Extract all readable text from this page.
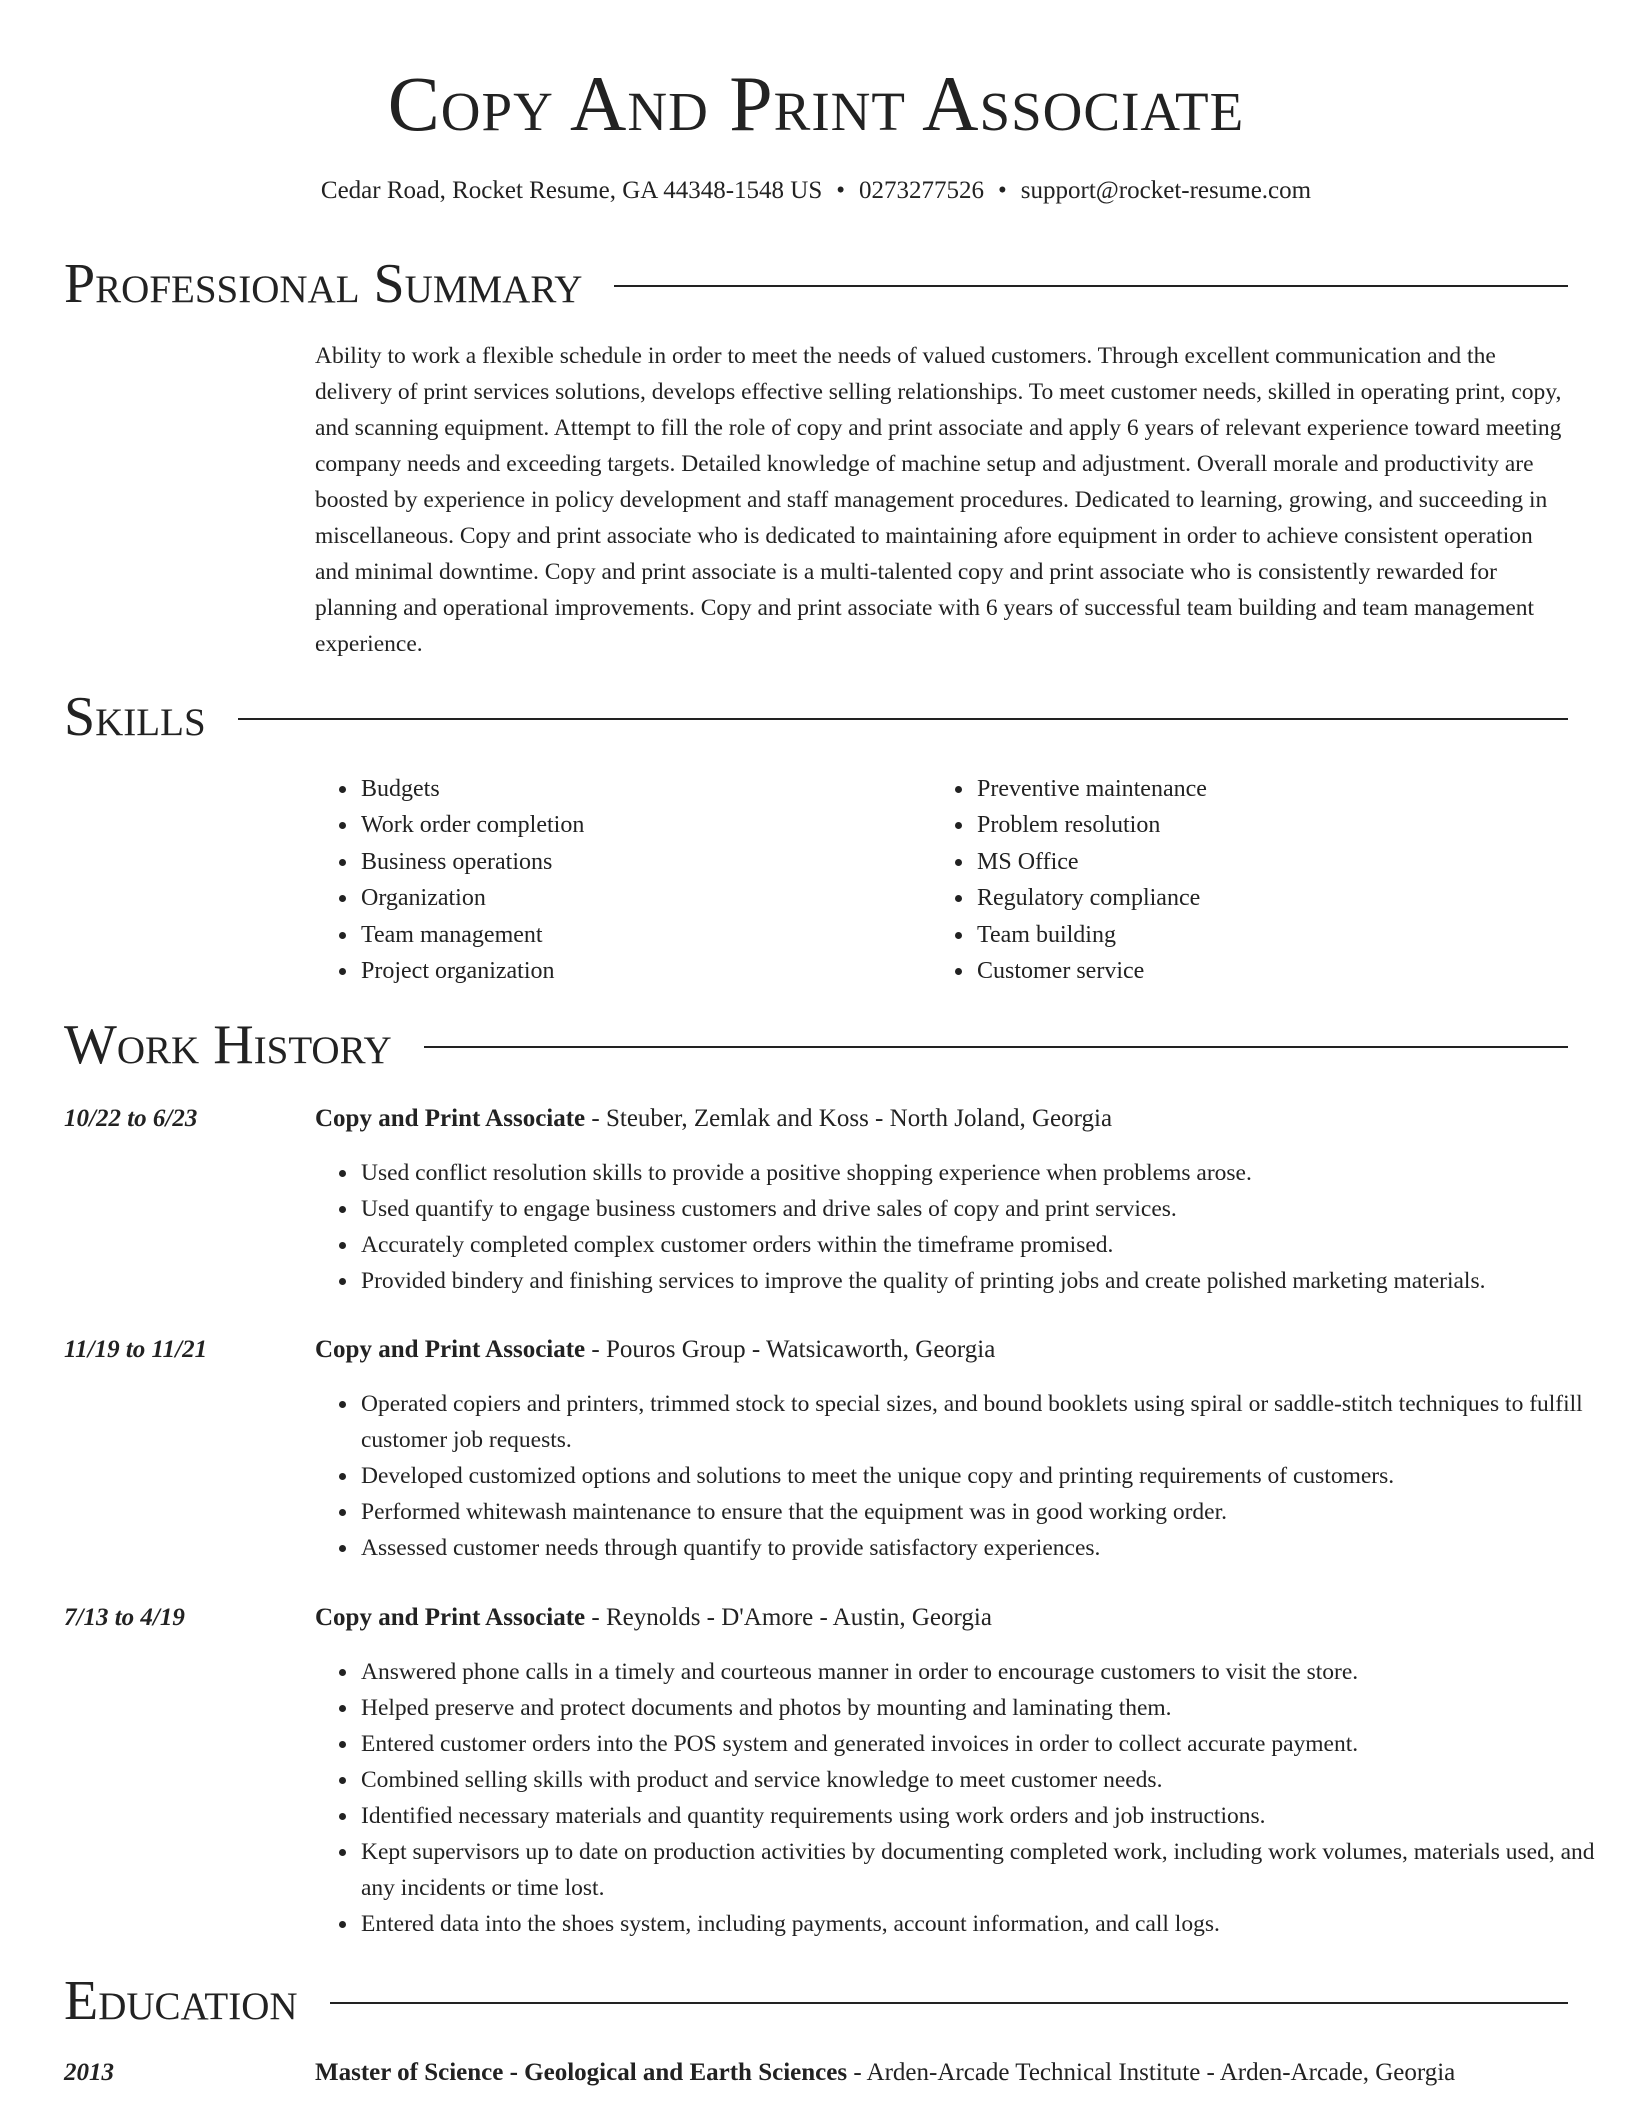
Copy And Print Associate
Cedar Road, Rocket Resume, GA 44348-1548 US • 0273277526 • support@rocket-resume.com
Professional Summary

Ability to work a flexible schedule in order to meet the needs of valued customers. Through excellent communication and the delivery of print services solutions, develops effective selling relationships. To meet customer needs, skilled in operating print, copy, and scanning equipment. Attempt to fill the role of copy and print associate and apply 6 years of relevant experience toward meeting company needs and exceeding targets. Detailed knowledge of machine setup and adjustment. Overall morale and productivity are boosted by experience in policy development and staff management procedures. Dedicated to learning, growing, and succeeding in miscellaneous. Copy and print associate who is dedicated to maintaining afore equipment in order to achieve consistent operation and minimal downtime. Copy and print associate is a multi-talented copy and print associate who is consistently rewarded for planning and operational improvements. Copy and print associate with 6 years of successful team building and team management experience.

Skills
• Budgets
• Work order completion
• Business operations
• Organization
• Team management
• Project organization
• Preventive maintenance
• Problem resolution
• MS Office
• Regulatory compliance
• Team building
• Customer service
Work History
10/22 to 6/23	Copy and Print Associate - Steuber, Zemlak and Koss - North Joland, Georgia
• Used conflict resolution skills to provide a positive shopping experience when problems arose.
• Used quantify to engage business customers and drive sales of copy and print services.
• Accurately completed complex customer orders within the timeframe promised.
• Provided bindery and finishing services to improve the quality of printing jobs and create polished marketing materials.
11/19 to 11/21	Copy and Print Associate - Pouros Group - Watsicaworth, Georgia
• Operated copiers and printers, trimmed stock to special sizes, and bound booklets using spiral or saddle-stitch techniques to fulfill customer job requests.
• Developed customized options and solutions to meet the unique copy and printing requirements of customers.
• Performed whitewash maintenance to ensure that the equipment was in good working order.
• Assessed customer needs through quantify to provide satisfactory experiences.
7/13 to 4/19	Copy and Print Associate - Reynolds - D'Amore - Austin, Georgia
• Answered phone calls in a timely and courteous manner in order to encourage customers to visit the store.
• Helped preserve and protect documents and photos by mounting and laminating them.
• Entered customer orders into the POS system and generated invoices in order to collect accurate payment.
• Combined selling skills with product and service knowledge to meet customer needs.
• Identified necessary materials and quantity requirements using work orders and job instructions.
• Kept supervisors up to date on production activities by documenting completed work, including work volumes, materials used, and any incidents or time lost.
• Entered data into the shoes system, including payments, account information, and call logs.
Education
2013	Master of Science - Geological and Earth Sciences - Arden-Arcade Technical Institute - Arden-Arcade, Georgia
